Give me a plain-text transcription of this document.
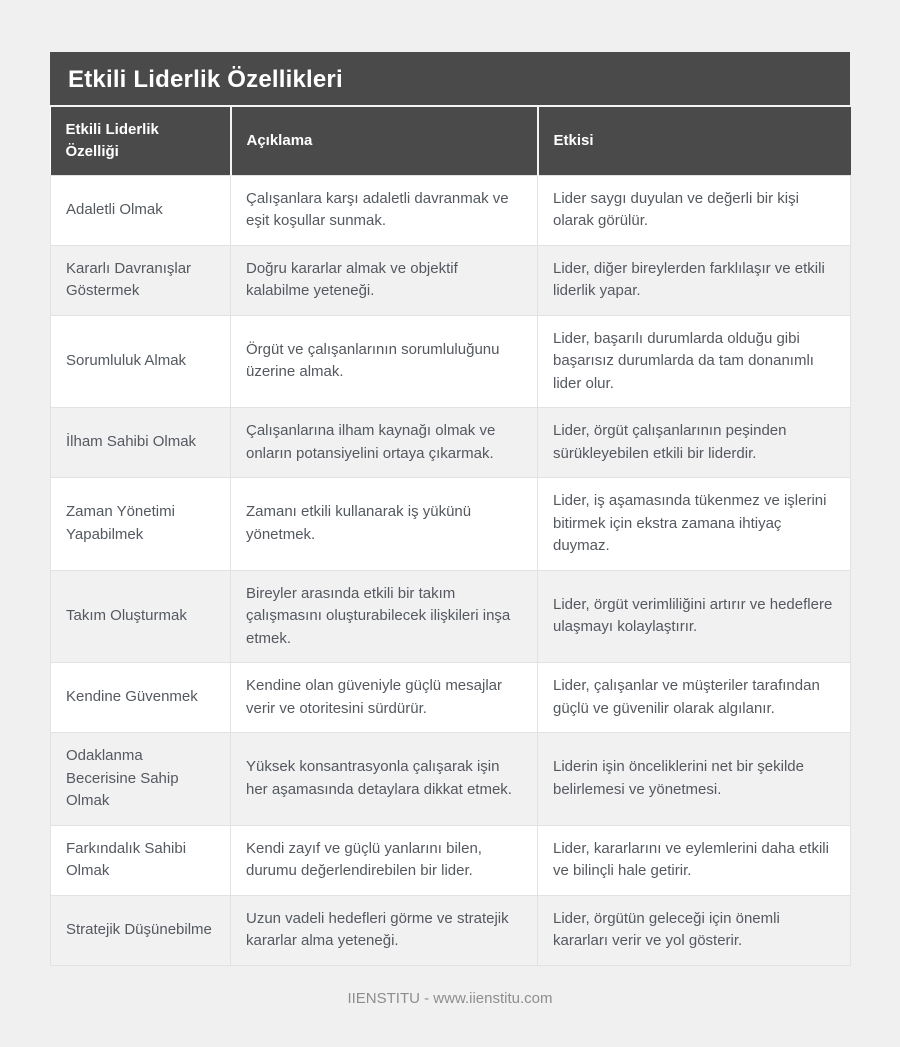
Etkili Liderlik Özellikleri
Etkili Liderlik Özelliği	Açıklama	Etkisi
Adaletli Olmak	Çalışanlara karşı adaletli davranmak ve eşit koşullar sunmak.	Lider saygı duyulan ve değerli bir kişi olarak görülür.
Kararlı Davranışlar Göstermek	Doğru kararlar almak ve objektif kalabilme yeteneği.	Lider, diğer bireylerden farklılaşır ve etkili liderlik yapar.
Sorumluluk Almak	Örgüt ve çalışanlarının sorumluluğunu üzerine almak.	Lider, başarılı durumlarda olduğu gibi başarısız durumlarda da tam donanımlı lider olur.
İlham Sahibi Olmak	Çalışanlarına ilham kaynağı olmak ve onların potansiyelini ortaya çıkarmak.	Lider, örgüt çalışanlarının peşinden sürükleyebilen etkili bir liderdir.
Zaman Yönetimi Yapabilmek	Zamanı etkili kullanarak iş yükünü yönetmek.	Lider, iş aşamasında tükenmez ve işlerini bitirmek için ekstra zamana ihtiyaç duymaz.
Takım Oluşturmak	Bireyler arasında etkili bir takım çalışmasını oluşturabilecek ilişkileri inşa etmek.	Lider, örgüt verimliliğini artırır ve hedeflere ulaşmayı kolaylaştırır.
Kendine Güvenmek	Kendine olan güveniyle güçlü mesajlar verir ve otoritesini sürdürür.	Lider, çalışanlar ve müşteriler tarafından güçlü ve güvenilir olarak algılanır.
Odaklanma Becerisine Sahip Olmak	Yüksek konsantrasyonla çalışarak işin her aşamasında detaylara dikkat etmek.	Liderin işin önceliklerini net bir şekilde belirlemesi ve yönetmesi.
Farkındalık Sahibi Olmak	Kendi zayıf ve güçlü yanlarını bilen, durumu değerlendirebilen bir lider.	Lider, kararlarını ve eylemlerini daha etkili ve bilinçli hale getirir.
Stratejik Düşünebilme	Uzun vadeli hedefleri görme ve stratejik kararlar alma yeteneği.	Lider, örgütün geleceği için önemli kararları verir ve yol gösterir.
IIENSTITU - www.iienstitu.com
